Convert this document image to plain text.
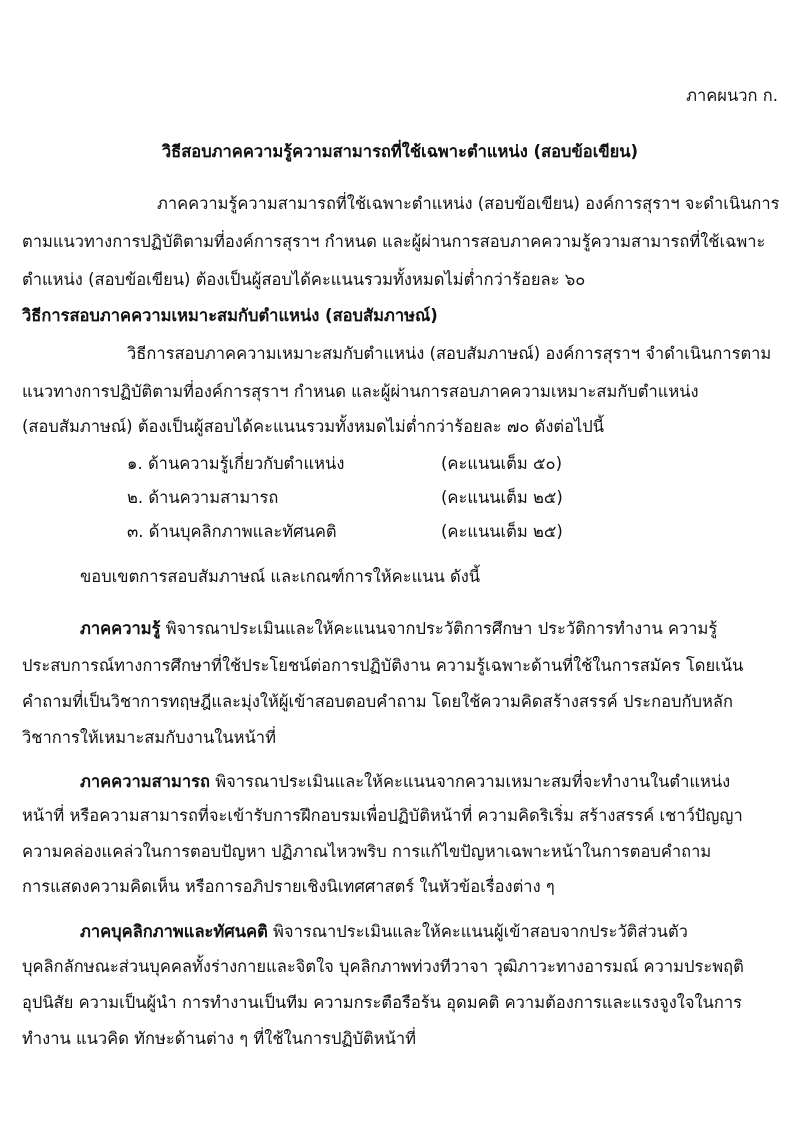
ภาคผนวก ก.
วิธีสอบภาคความรู้ความสามารถที่ใช้เฉพาะตำแหน่ง (สอบข้อเขียน)
ภาคความรู้ความสามารถที่ใช้เฉพาะตำแหน่ง (สอบข้อเขียน) องค์การสุราฯ จะดำเนินการ
ตามแนวทางการปฏิบัติตามที่องค์การสุราฯ กำหนด และผู้ผ่านการสอบภาคความรู้ความสามารถที่ใช้เฉพาะ
ตำแหน่ง (สอบข้อเขียน) ต้องเป็นผู้สอบได้คะแนนรวมทั้งหมดไม่ต่ำกว่าร้อยละ ๖๐
วิธีการสอบภาคความเหมาะสมกับตำแหน่ง (สอบสัมภาษณ์)
วิธีการสอบภาคความเหมาะสมกับตำแหน่ง (สอบสัมภาษณ์) องค์การสุราฯ จำดำเนินการตาม
แนวทางการปฏิบัติตามที่องค์การสุราฯ กำหนด และผู้ผ่านการสอบภาคความเหมาะสมกับตำแหน่ง
(สอบสัมภาษณ์) ต้องเป็นผู้สอบได้คะแนนรวมทั้งหมดไม่ต่ำกว่าร้อยละ ๗๐ ดังต่อไปนี้
๑. ด้านความรู้เกี่ยวกับตำแหน่ง	(คะแนนเต็ม ๕๐)
๒. ด้านความสามารถ	(คะแนนเต็ม ๒๕)
๓. ด้านบุคลิกภาพและทัศนคติ	(คะแนนเต็ม ๒๕)
ขอบเขตการสอบสัมภาษณ์ และเกณฑ์การให้คะแนน ดังนี้
ภาคความรู้ พิจารณาประเมินและให้คะแนนจากประวัติการศึกษา ประวัติการทำงาน ความรู้
ประสบการณ์ทางการศึกษาที่ใช้ประโยชน์ต่อการปฏิบัติงาน ความรู้เฉพาะด้านที่ใช้ในการสมัคร โดยเน้น
คำถามที่เป็นวิชาการทฤษฎีและมุ่งให้ผู้เข้าสอบตอบคำถาม โดยใช้ความคิดสร้างสรรค์ ประกอบกับหลัก
วิชาการให้เหมาะสมกับงานในหน้าที่
ภาคความสามารถ พิจารณาประเมินและให้คะแนนจากความเหมาะสมที่จะทำงานในตำแหน่ง
หน้าที่ หรือความสามารถที่จะเข้ารับการฝึกอบรมเพื่อปฏิบัติหน้าที่ ความคิดริเริ่ม สร้างสรรค์ เชาว์ปัญญา
ความคล่องแคล่วในการตอบปัญหา ปฏิภาณไหวพริบ การแก้ไขปัญหาเฉพาะหน้าในการตอบคำถาม
การแสดงความคิดเห็น หรือการอภิปรายเชิงนิเทศศาสตร์ ในหัวข้อเรื่องต่าง ๆ
ภาคบุคลิกภาพและทัศนคติ พิจารณาประเมินและให้คะแนนผู้เข้าสอบจากประวัติส่วนตัว
บุคลิกลักษณะส่วนบุคคลทั้งร่างกายและจิตใจ บุคลิกภาพท่วงทีวาจา วุฒิภาวะทางอารมณ์ ความประพฤติ
อุปนิสัย ความเป็นผู้นำ การทำงานเป็นทีม ความกระตือรือร้น อุดมคติ ความต้องการและแรงจูงใจในการ
ทำงาน แนวคิด ทักษะด้านต่าง ๆ ที่ใช้ในการปฏิบัติหน้าที่
